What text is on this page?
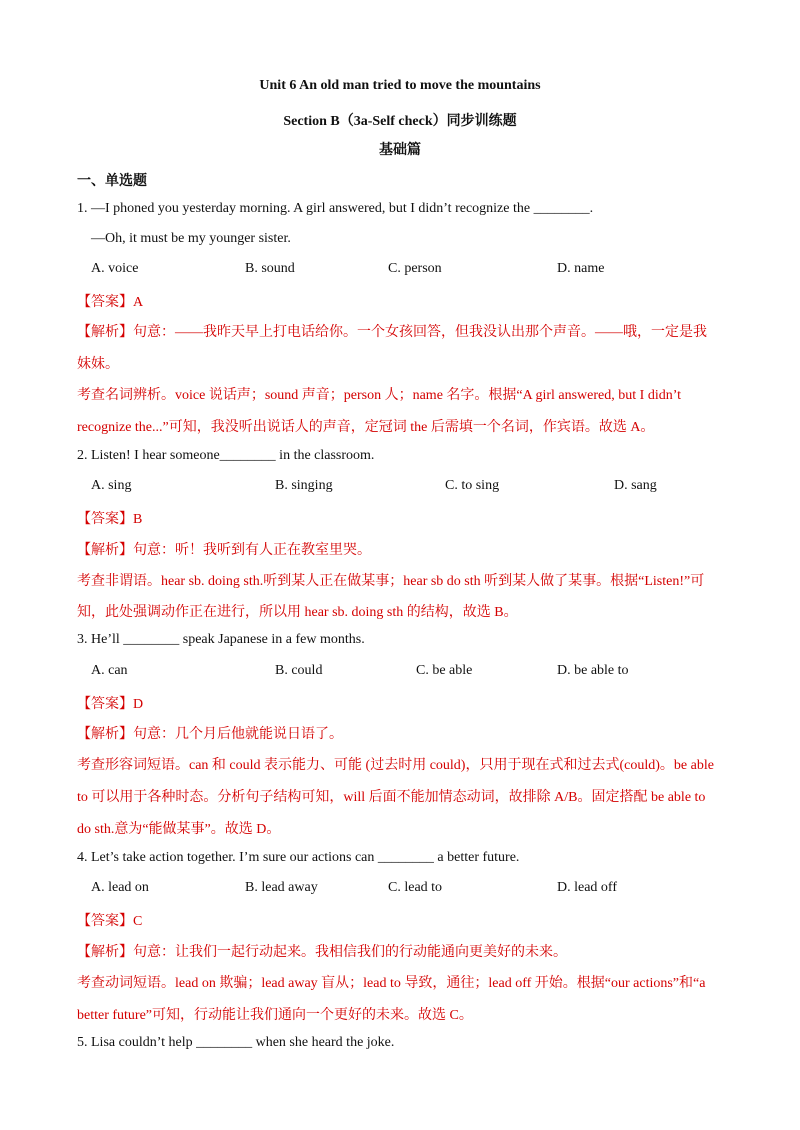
Unit 6 An old man tried to move the mountains
Section B（3a-Self check）同步训练题
基础篇
一、单选题
1. —I phoned you yesterday morning. A girl answered, but I didn’t recognize the ________.
—Oh, it must be my younger sister.
A. voice	B. sound	C. person	D. name
【答案】A
【解析】句意：——我昨天早上打电话给你。一个女孩回答，但我没认出那个声音。——哦，一定是我
妹妹。
考查名词辨析。voice 说话声；sound 声音；person 人；name 名字。根据“A girl answered, but I didn’t
recognize the...”可知，我没听出说话人的声音，定冠词 the 后需填一个名词，作宾语。故选 A。
2. Listen! I hear someone________ in the classroom.
A. sing	B. singing	C. to sing	D. sang
【答案】B
【解析】句意：听！我听到有人正在教室里哭。
考查非谓语。hear sb. doing sth.听到某人正在做某事；hear sb do sth 听到某人做了某事。根据“Listen!”可
知，此处强调动作正在进行，所以用 hear sb. doing sth 的结构，故选 B。
3. He’ll ________ speak Japanese in a few months.
A. can	B. could	C. be able	D. be able to
【答案】D
【解析】句意：几个月后他就能说日语了。
考查形容词短语。can 和 could 表示能力、可能 (过去时用 could)，只用于现在式和过去式(could)。be able
to 可以用于各种时态。分析句子结构可知，will 后面不能加情态动词，故排除 A/B。固定搭配 be able to
do sth.意为“能做某事”。故选 D。
4. Let’s take action together. I’m sure our actions can ________ a better future.
A. lead on	B. lead away	C. lead to	D. lead off
【答案】C
【解析】句意：让我们一起行动起来。我相信我们的行动能通向更美好的未来。
考查动词短语。lead on 欺骗；lead away 盲从；lead to 导致，通往；lead off 开始。根据“our actions”和“a
better future”可知，行动能让我们通向一个更好的未来。故选 C。
5. Lisa couldn’t help ________ when she heard the joke.
